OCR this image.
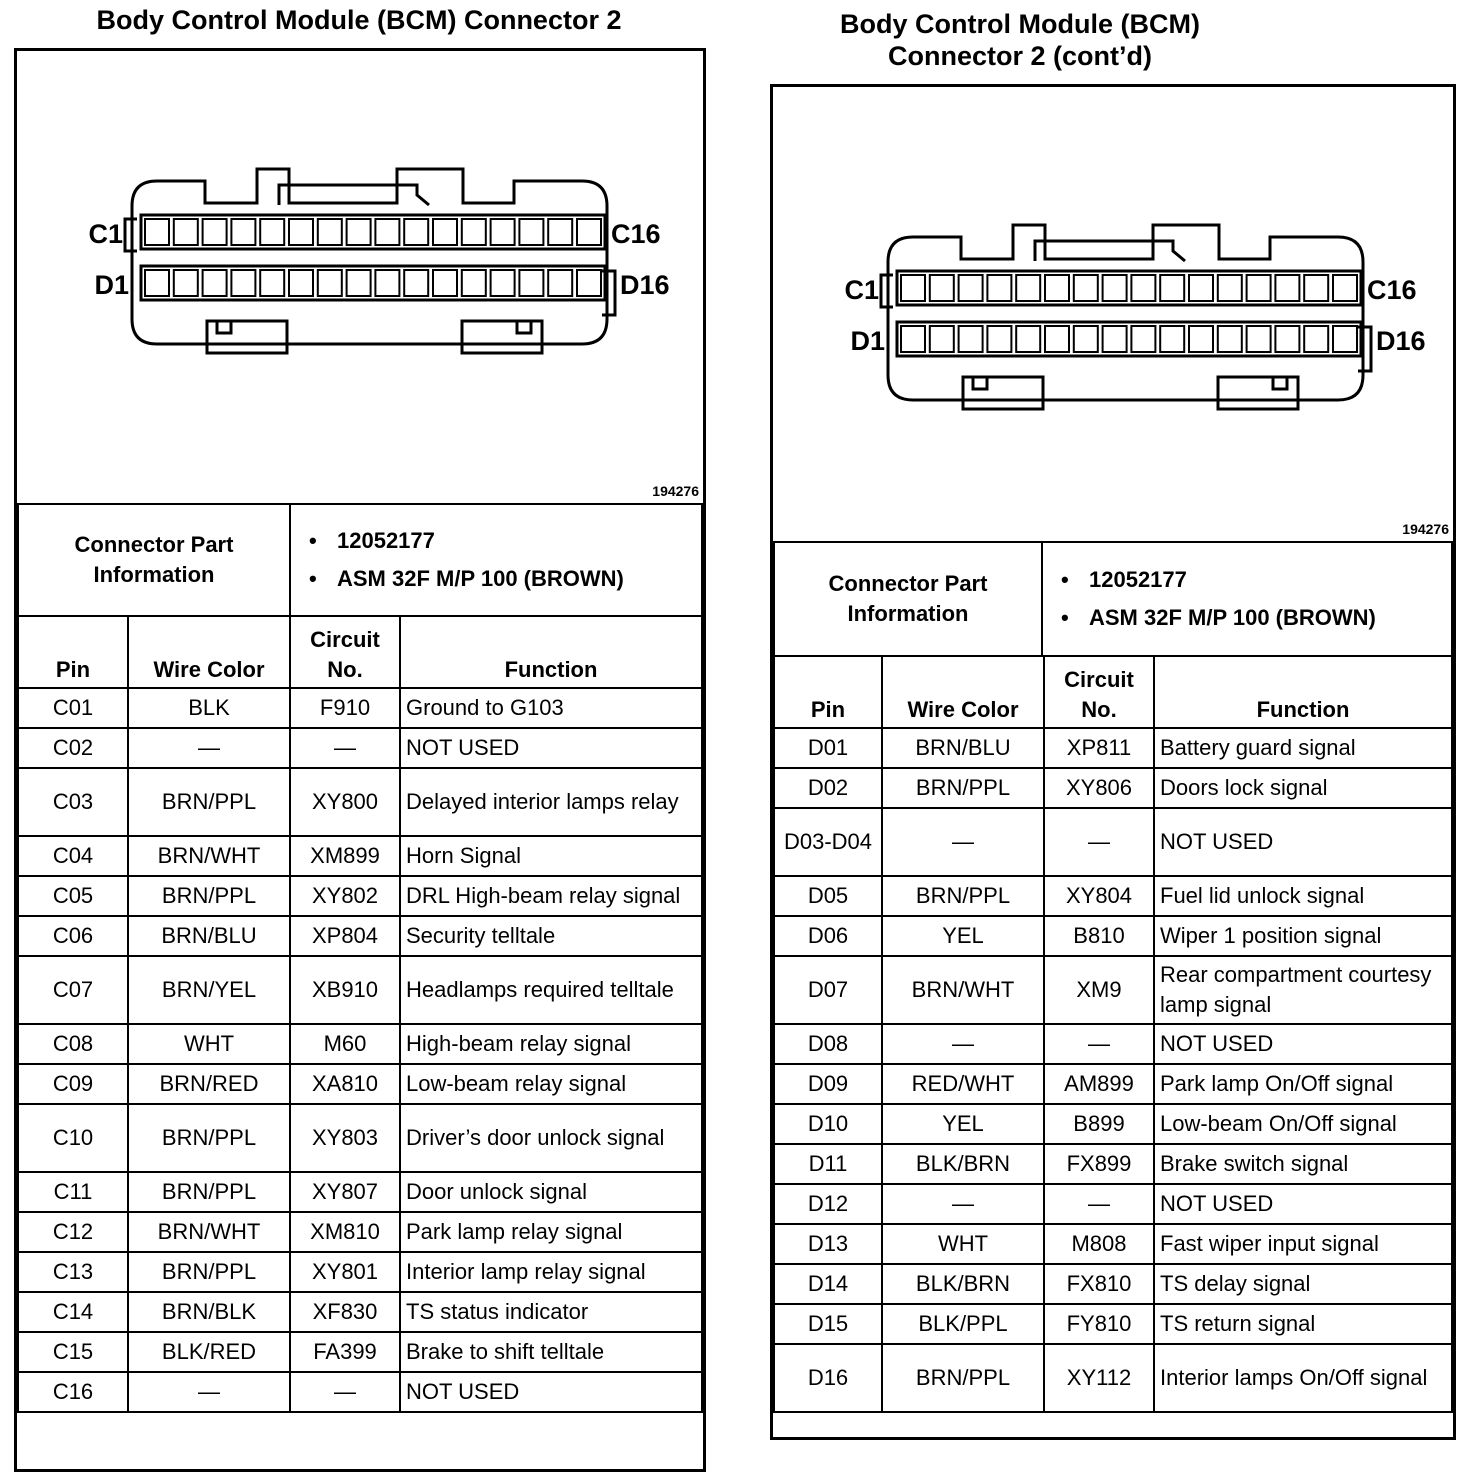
Body Control Module (BCM) Connector 2
C1
D1
C16
D16
194276
Connector Part Information	
• 12052177
• ASM 32F M/P 100 (BROWN)
Pin	Wire Color	Circuit No.	Function
C01	BLK	F910	Ground to G103
C02	—	—	NOT USED
C03	BRN/PPL	XY800	Delayed interior lamps relay
C04	BRN/WHT	XM899	Horn Signal
C05	BRN/PPL	XY802	DRL High-beam relay signal
C06	BRN/BLU	XP804	Security telltale
C07	BRN/YEL	XB910	Headlamps required telltale
C08	WHT	M60	High-beam relay signal
C09	BRN/RED	XA810	Low-beam relay signal
C10	BRN/PPL	XY803	Driver’s door unlock signal
C11	BRN/PPL	XY807	Door unlock signal
C12	BRN/WHT	XM810	Park lamp relay signal
C13	BRN/PPL	XY801	Interior lamp relay signal
C14	BRN/BLK	XF830	TS status indicator
C15	BLK/RED	FA399	Brake to shift telltale
C16	—	—	NOT USED
Body Control Module (BCM) Connector 2 (cont’d)
C1
D1
C16
D16
194276
Connector Part Information	
• 12052177
• ASM 32F M/P 100 (BROWN)
Pin	Wire Color	Circuit No.	Function
D01	BRN/BLU	XP811	Battery guard signal
D02	BRN/PPL	XY806	Doors lock signal
D03-D04	—	—	NOT USED
D05	BRN/PPL	XY804	Fuel lid unlock signal
D06	YEL	B810	Wiper 1 position signal
D07	BRN/WHT	XM9	Rear compartment courtesy lamp signal
D08	—	—	NOT USED
D09	RED/WHT	AM899	Park lamp On/Off signal
D10	YEL	B899	Low-beam On/Off signal
D11	BLK/BRN	FX899	Brake switch signal
D12	—	—	NOT USED
D13	WHT	M808	Fast wiper input signal
D14	BLK/BRN	FX810	TS delay signal
D15	BLK/PPL	FY810	TS return signal
D16	BRN/PPL	XY112	Interior lamps On/Off signal
